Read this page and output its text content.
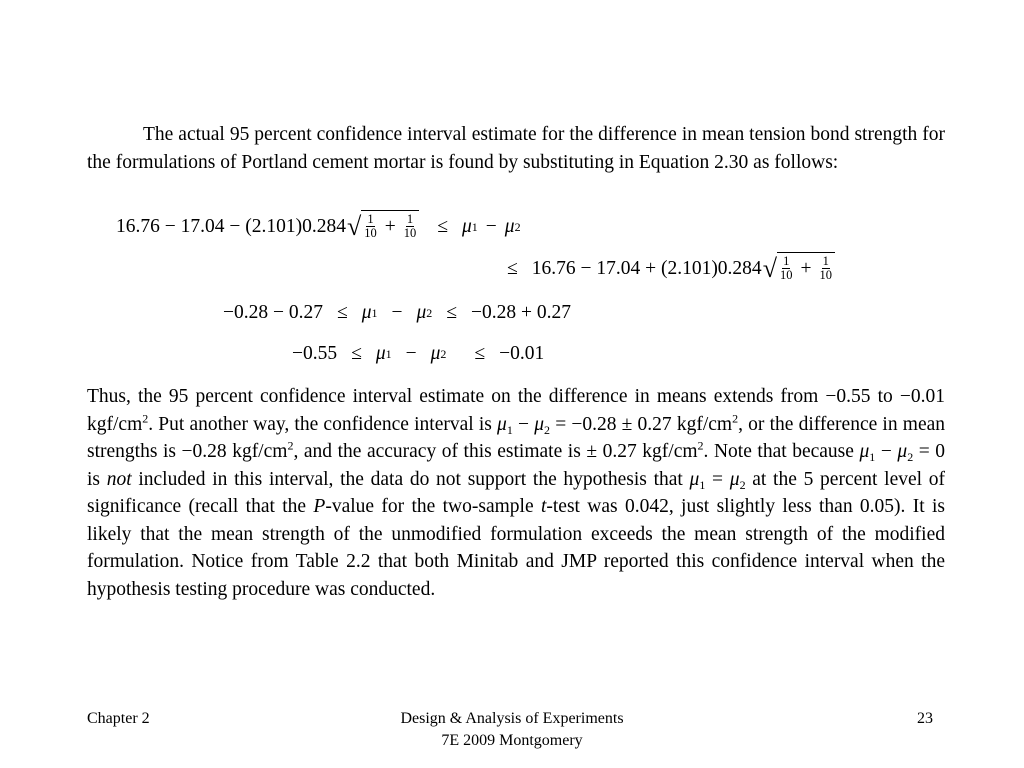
The actual 95 percent confidence interval estimate for the difference in mean tension bond strength for the formulations of Portland cement mortar is found by substituting in Equation 2.30 as follows:
16.76 − 17.04 − (2.101)0.284 √ $\frac{1}{10} + \frac{1}{10} \le \mu$ 1 − μ 2
≤ 16.76 − 17.04 + (2.101)0.284 √ $\frac{1}{10} + \frac{1}{10}$
−0.28 − 0.27 ≤ μ 1 − μ 2 ≤ −0.28 + 0.27
−0.55 ≤ μ 1 − μ 2 ≤ −0.01
Thus, the 95 percent confidence interval estimate on the difference in means extends from −0.55 to −0.01 kgf/$cm^2$. Put another way, the confidence interval is $\mu_1 - \mu_2 = -0.28 \pm 0.27$ kgf/$cm^2$, or the difference in mean strengths is −0.28 kgf/$cm^2$, and the accuracy of this estimate is ± 0.27 kgf/$cm^2$. Note that because $\mu_1 - \mu_2 = 0$ is not included in this interval, the data do not support the hypothesis that $\mu_1 = \mu_2$ at the 5 percent level of significance (recall that the P-value for the two-sample t-test was 0.042, just slightly less than 0.05). It is likely that the mean strength of the unmodified formulation exceeds the mean strength of the modified formulation. Notice from Table 2.2 that both Minitab and JMP reported this confidence interval when the hypothesis testing procedure was conducted.
Chapter 2	Design & Analysis of Experiments
7E 2009 Montgomery
23
